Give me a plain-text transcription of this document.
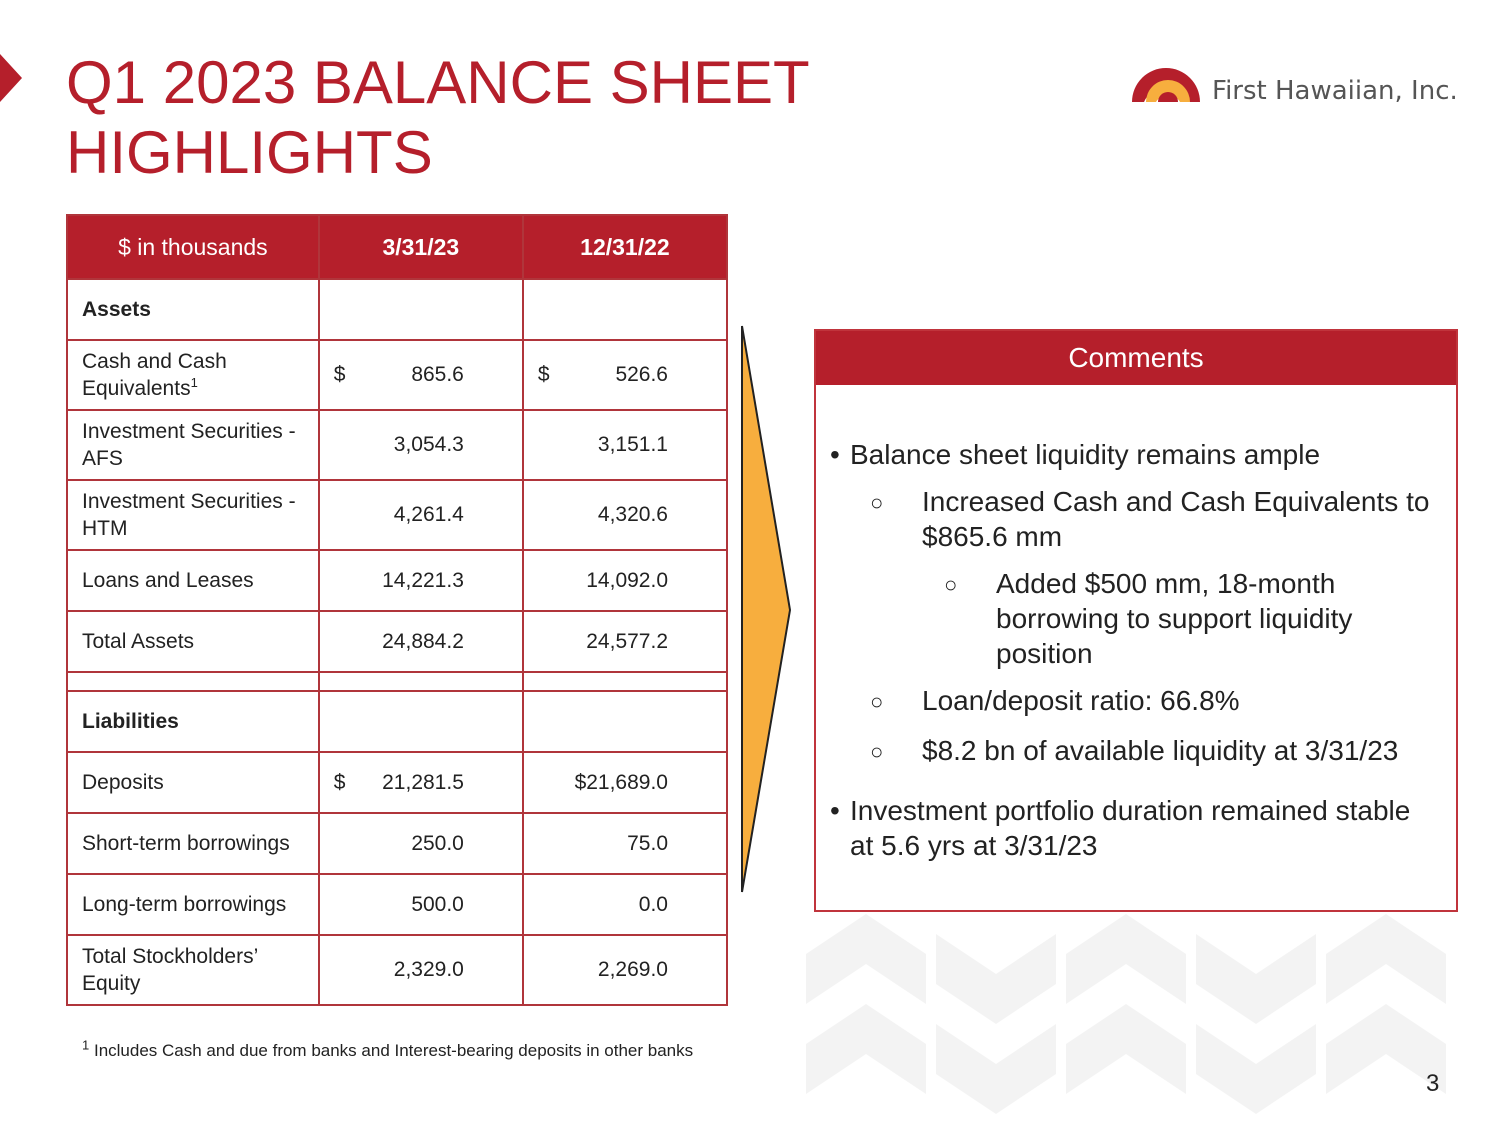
Q1 2023 BALANCE SHEET
HIGHLIGHTS
First Hawaiian, Inc.
$ in thousands	3/31/23	12/31/22
Assets		
Cash and Cash Equivalents$^1$	$ 865.6	$ 526.6

Investment Securities - AFS	3,054.3	3,151.1

Investment Securities - HTM	4,261.4	4,320.6

Loans and Leases	14,221.3	14,092.0

Total Assets	24,884.2	24,577.2

Liabilities		
Deposits	$ 21,281.5	$21,689.0

Short-term borrowings	250.0	75.0

Long-term borrowings	500.0	0.0

Total Stockholders’ Equity	2,329.0	2,269.0
$^1$ Includes Cash and due from banks and Interest-bearing deposits in other banks
Comments
• Balance sheet liquidity remains ample
○	Increased Cash and Cash Equivalents to $865.6 mm
○	Added $500 mm, 18-month borrowing to support liquidity position
○	Loan/deposit ratio: 66.8%
○	$8.2 bn of available liquidity at 3/31/23
• Investment portfolio duration remained stable at 5.6 yrs at 3/31/23
3
